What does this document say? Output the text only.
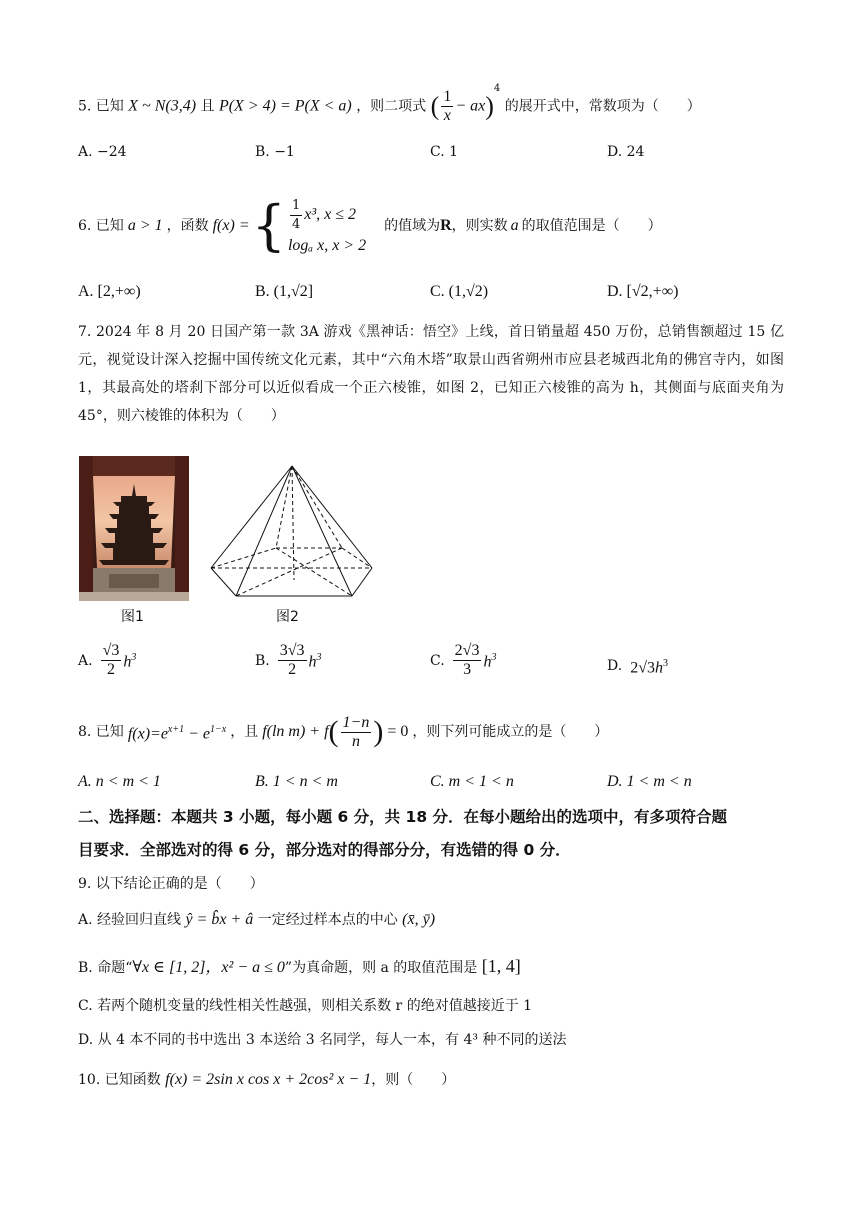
5. 已知 X ~ N(3,4) 且 P(X > 4) = P(X < a) ，则二项式 ( $\frac{1}{x} - ax)^4$ 的展开式中，常数项为（　　）
A. −24	B. −1	C. 1	D. 24
6. 已知 a > 1 ，函数 f(x) = { $\frac{1}{4} x^3$, x ≤ 2
logₐ x, x > 2
的值域为 R ，则实数 a 的取值范围是（　　）
A. [2,+∞)	B. (1,√2]	C. (1,√2)	D. [√2,+∞)
7. 2024 年 8 月 20 日国产第一款 3A 游戏《黑神话：悟空》上线，首日销量超 450 万份，总销售额超过 15 亿元，视觉设计深入挖掘中国传统文化元素，其中“六角木塔”取景山西省朔州市应县老城西北角的佛宫寺内，如图 1，其最高处的塔刹下部分可以近似看成一个正六棱锥，如图 2，已知正六棱锥的高为 h，其侧面与底面夹角为 45°，则六棱锥的体积为（　　）
图1	图2
A. $\frac{√3}{2} h^3$	B. $\frac{3√3}{2} h^3$	C. $\frac{2√3}{3} h^3$
D. $2√3h^3$
8. 已知 $f(x)=e^{x+1} - e^{1-x}$ ，且 f(ln m) + f ( $\frac{1-n}{n}$ ) = 0 ，则下列可能成立的是（　　）
A. n < m < 1	B. 1 < n < m	C. m < 1 < n	D. 1 < m < n
二、选择题：本题共 3 小题，每小题 6 分，共 18 分．在每小题给出的选项中，有多项符合题
目要求．全部选对的得 6 分，部分选对的得部分分，有选错的得 0 分．
9. 以下结论正确的是（　　）
A. 经验回归直线 ŷ = b̂x + â 一定经过样本点的中心 (x̄, ȳ)
B. 命题“∀x ∈ [1, 2]，x² − a ≤ 0”为真命题，则 a 的取值范围是 [1, 4]
C. 若两个随机变量的线性相关性越强，则相关系数 r 的绝对值越接近于 1
D. 从 4 本不同的书中选出 3 本送给 3 名同学，每人一本，有 4³ 种不同的送法
10. 已知函数 f(x) = 2sin x cos x + 2cos² x − 1，则（　　）
